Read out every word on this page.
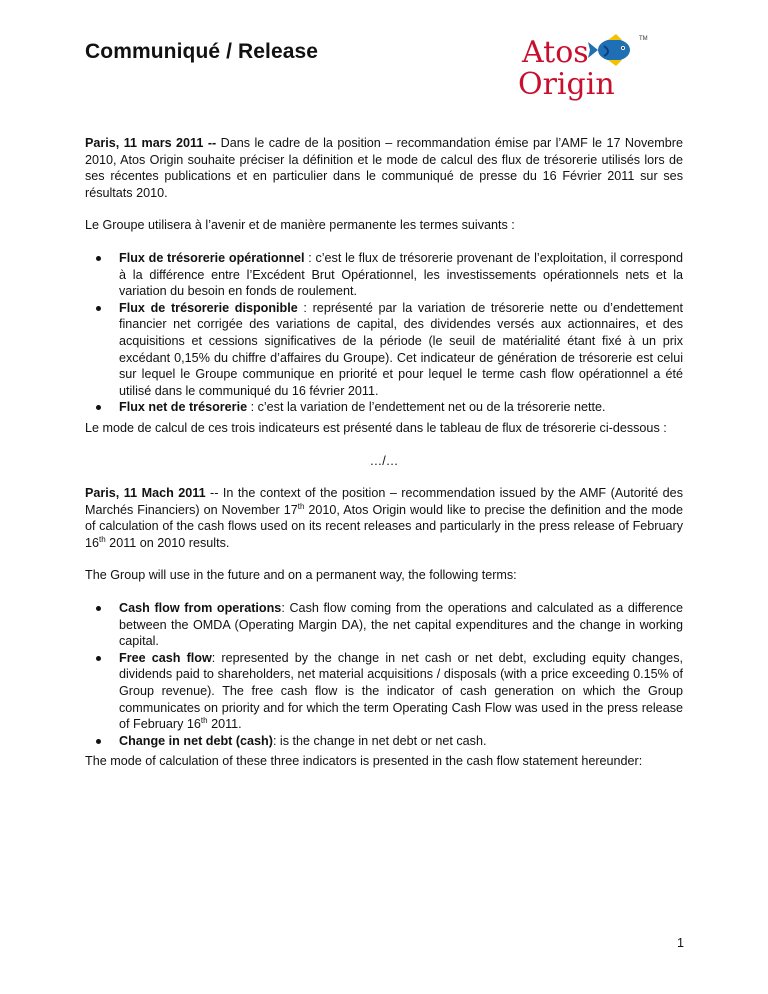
Communiqué / Release	Atos
Origin
TM

Paris, 11 mars 2011 -- Dans le cadre de la position – recommandation émise par l’AMF le 17 Novembre 2010, Atos Origin souhaite préciser la définition et le mode de calcul des flux de trésorerie utilisés lors de ses récentes publications et en particulier dans le communiqué de presse du 16 Février 2011 sur ses résultats 2010.

Le Groupe utilisera à l’avenir et de manière permanente les termes suivants :

Flux de trésorerie opérationnel : c’est le flux de trésorerie provenant de l’exploitation, il correspond à la différence entre l’Excédent Brut Opérationnel, les investissements opérationnels nets et la variation du besoin en fonds de roulement.
Flux de trésorerie disponible : représenté par la variation de trésorerie nette ou d’endettement financier net corrigée des variations de capital, des dividendes versés aux actionnaires, et des acquisitions et cessions significatives de la période (le seuil de matérialité étant fixé à un prix excédant 0,15% du chiffre d’affaires du Groupe). Cet indicateur de génération de trésorerie est celui sur lequel le Groupe communique en priorité et pour lequel le terme cash flow opérationnel a été utilisé dans le communiqué du 16 février 2011.
Flux net de trésorerie : c’est la variation de l’endettement net ou de la trésorerie nette.

Le mode de calcul de ces trois indicateurs est présenté dans le tableau de flux de trésorerie ci-dessous :

…/…

Paris, 11 Mach 2011 -- In the context of the position – recommendation issued by the AMF (Autorité des Marchés Financiers) on November 17th 2010, Atos Origin would like to precise the definition and the mode of calculation of the cash flows used on its recent releases and particularly in the press release of February 16th 2011 on 2010 results.

The Group will use in the future and on a permanent way, the following terms:

Cash flow from operations: Cash flow coming from the operations and calculated as a difference between the OMDA (Operating Margin DA), the net capital expenditures and the change in working capital.
Free cash flow: represented by the change in net cash or net debt, excluding equity changes, dividends paid to shareholders, net material acquisitions / disposals (with a price exceeding 0.15% of Group revenue). The free cash flow is the indicator of cash generation on which the Group communicates on priority and for which the term Operating Cash Flow was used in the press release of February 16th 2011.
Change in net debt (cash): is the change in net debt or net cash.

The mode of calculation of these three indicators is presented in the cash flow statement hereunder:

1
